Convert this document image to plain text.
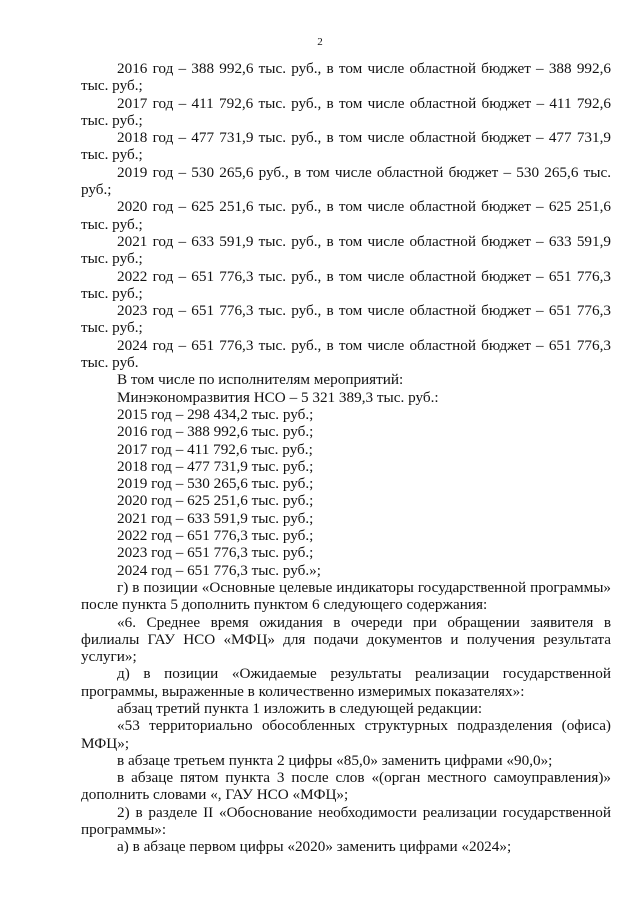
2

2016 год – 388 992,6 тыс. руб., в том числе областной бюджет – 388 992,6 тыс. руб.;

2017 год – 411 792,6 тыс. руб., в том числе областной бюджет – 411 792,6 тыс. руб.;

2018 год – 477 731,9 тыс. руб., в том числе областной бюджет – 477 731,9 тыс. руб.;

2019 год – 530 265,6 руб., в том числе областной бюджет – 530 265,6 тыс. руб.;

2020 год – 625 251,6 тыс. руб., в том числе областной бюджет – 625 251,6 тыс. руб.;

2021 год – 633 591,9 тыс. руб., в том числе областной бюджет – 633 591,9 тыс. руб.;

2022 год – 651 776,3 тыс. руб., в том числе областной бюджет – 651 776,3 тыс. руб.;

2023 год – 651 776,3 тыс. руб., в том числе областной бюджет – 651 776,3 тыс. руб.;

2024 год – 651 776,3 тыс. руб., в том числе областной бюджет – 651 776,3 тыс. руб.

В том числе по исполнителям мероприятий:

Минэкономразвития НСО – 5 321 389,3 тыс. руб.:

2015 год – 298 434,2 тыс. руб.;

2016 год – 388 992,6 тыс. руб.;

2017 год – 411 792,6 тыс. руб.;

2018 год – 477 731,9 тыс. руб.;

2019 год – 530 265,6 тыс. руб.;

2020 год – 625 251,6 тыс. руб.;

2021 год – 633 591,9 тыс. руб.;

2022 год – 651 776,3 тыс. руб.;

2023 год – 651 776,3 тыс. руб.;

2024 год – 651 776,3 тыс. руб.»;

г) в позиции «Основные целевые индикаторы государственной программы» после пункта 5 дополнить пунктом 6 следующего содержания:

«6. Среднее время ожидания в очереди при обращении заявителя в филиалы ГАУ НСО «МФЦ» для подачи документов и получения результата услуги»;

д) в позиции «Ожидаемые результаты реализации государственной программы, выраженные в количественно измеримых показателях»:

абзац третий пункта 1 изложить в следующей редакции:

«53 территориально обособленных структурных подразделения (офиса) МФЦ»;

в абзаце третьем пункта 2 цифры «85,0» заменить цифрами «90,0»;

в абзаце пятом пункта 3 после слов «(орган местного самоуправления)» дополнить словами «, ГАУ НСО «МФЦ»;

2) в разделе II «Обоснование необходимости реализации государственной программы»:

а) в абзаце первом цифры «2020» заменить цифрами «2024»;
